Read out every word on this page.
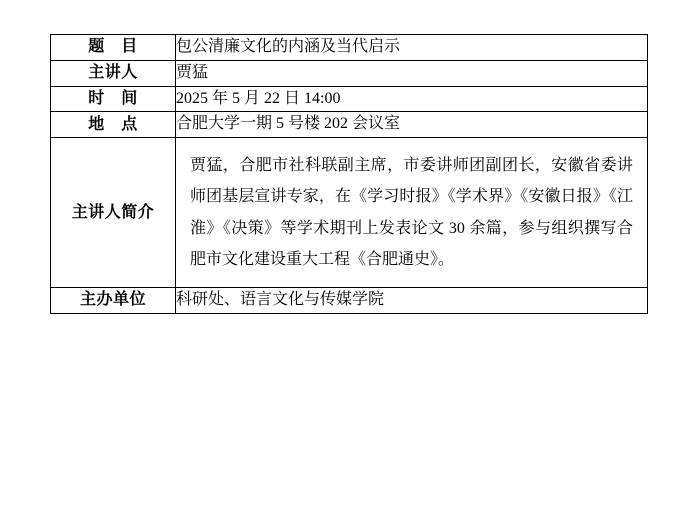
题　目	包公清廉文化的内涵及当代启示
主讲人	贾猛
时　间	2025 年 5 月 22 日 14:00
地　点	合肥大学一期 5 号楼 202 会议室
主讲人简介	贾猛，合肥市社科联副主席，市委讲师团副团长，安徽省委讲师团基层宣讲专家，在《学习时报》《学术界》《安徽日报》《江淮》《决策》等学术期刊上发表论文 30 余篇，参与组织撰写合肥市文化建设重大工程《合肥通史》。
主办单位	科研处、语言文化与传媒学院
